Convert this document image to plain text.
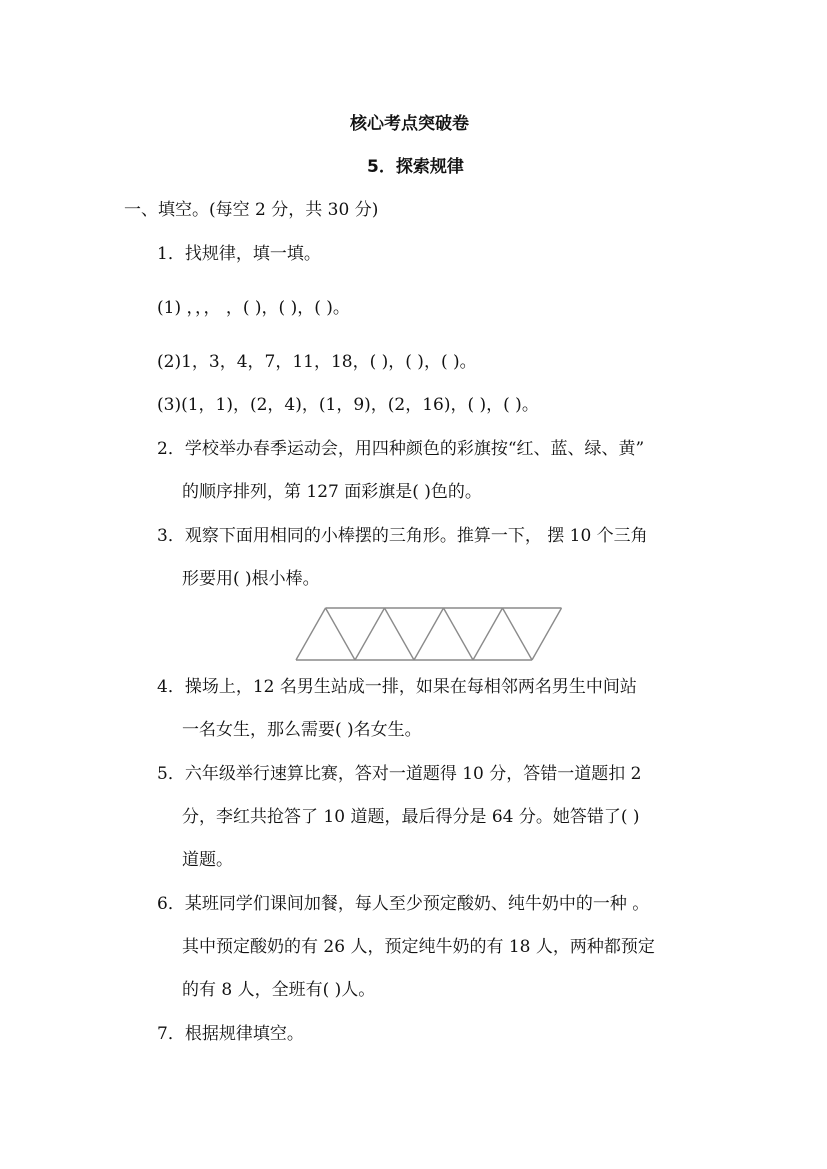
核心考点突破卷
5．探索规律
一、填空。(每空 2 分，共 30 分)
1．找规律，填一填。
(1) ，，， ，( )，( )，( )。
(2)1，3，4，7，11，18，( )，( )，( )。
(3)(1，1)，(2，4)，(1，9)，(2，16)，( )，( )。
2．学校举办春季运动会，用四种颜色的彩旗按“红、蓝、绿、黄”
的顺序排列，第 127 面彩旗是( )色的。
3．观察下面用相同的小棒摆的三角形。推算一下， 摆 10 个三角
形要用( )根小棒。
4．操场上，12 名男生站成一排，如果在每相邻两名男生中间站
一名女生，那么需要( )名女生。
5．六年级举行速算比赛，答对一道题得 10 分，答错一道题扣 2
分，李红共抢答了 10 道题，最后得分是 64 分。她答错了( )
道题。
6．某班同学们课间加餐，每人至少预定酸奶、纯牛奶中的一种 。
其中预定酸奶的有 26 人，预定纯牛奶的有 18 人，两种都预定
的有 8 人，全班有( )人。
7．根据规律填空。
